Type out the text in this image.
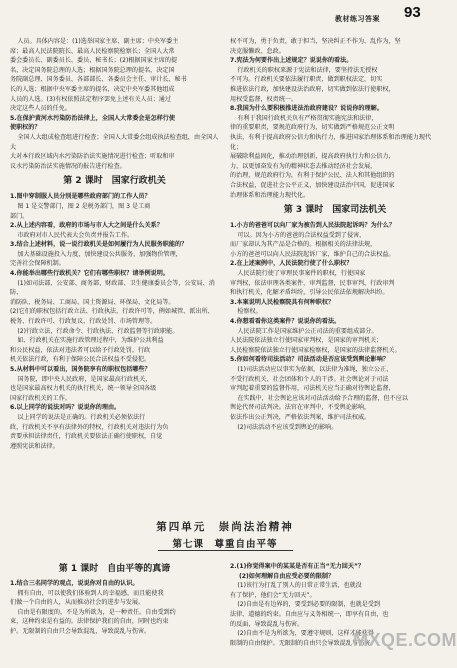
教材练习答案 93

人员。具体内容是：(1)选举国家主席、副主席；中央军委主

席；最高人民法院院长、最高人民检察院检察长；全国人大常

委会委员长、副委员长、委员、秘书长；(2)根据国家主席的提

名，决定国务院总理的人选；根据国务院总理的提名，决定国

务院副总理、国务委员、各部部长、各委员会主任、审计长、秘书

长的人选；根据中央军委主席的提名，决定中央军委其他组成

人员的人选。(3)有权依照法定程序罢免上述有关人员；通过

决定这些人员的任免。

5.在保护黄河水污染防治法律上，全国人大常委会是怎样行使

使职权的？

全国人大组成检查组进行检查；全国人大常委会组成执法检查组，由全国人大

大对本行政区域内水污染防治法实施情况进行检查；听取和审

议水污染防治法实施情况的报告进行检查。

第 2 课时　国家行政机关

1.图中穿制服人员分别是哪些政府部门的工作人员？

图 1 是交警部门，图 2 是税务部门，图 3 是工商

部门。

2.从上述内容看，政府的市场与市人大之间是什么关系？

市政府对市人民代表大会负责并报告工作。

3.结合上述材料，说一说行政机关是如何履行为人民服务职能的？

加大基础设施投入力度，加快建设公共服务，加强物价管理，

完善社会保障机制。

4.你能举出哪些行政机关？它们有哪些职权？请举例说明。

(1)如司法部、公安部、商务部、财政部、卫生健康委员会等，公安局、消防、

消防队、税务局、工商局、国土资源局、环保局、文化局等。

(2)它们的职权包括行政立法、行政执法、行政许可等，例如城管、派出所、

税务、行政许可、行政复议、行政处罚、市场管理等。

(2)行政立法，行政命令、行政执法、行政监督等行政职能。

如、行政机关在实施行政管理过程中，为维护公共利益

和公民权益，依法对违法者可以给予行政处罚。行政

机关依法行政，有利于保障公民合法权益不受侵犯。

5.从材料中可以看出，国务院享有的职权包括哪些？

国务院，即中央人民政府，是国家最高行政机关，

也是国家最高权力机关的执行机关，统一领导全国各级

国家行政机关的工作。

6.以上同学的说法对吗？说说你的理由。

以上同学的说法是正确的。行政机关必须依法行

政，行政机关不享有法律外的特权，行政机关对违法行为负

责要承担法律责任，行政机关要依法正确行使职权，自觉

遵照宪法和法律。

权不可为，勇于负责，敢于担当，坚决纠正不作为、乱作为，坚

决克服懒政、怠政。

7.宪法为何要作出上述规定？说说你的看法。

行政机关的职权来源于宪法和法律，要坚持法无授权

不可为。行政机关要依法履行职责，做到职权法定，切实

推进依法行政，加快建设法治政府，切实做到依法行使职权，

用权受监督，权责统一。

8.我国为什么要积极推进法治政府建设？说说你的理解。

有利于我国行政机关负有严格贯彻实施宪法和法律，

律的重要职责，要规范政府行为，切实做到严格规范公正文明

执法，有利于提高政府公信力和执行力，推进国家治理体系和治理能力现代化；

展破除利益固化，推动治理创新，提高政府执行力和公信力，

力，以更加奋发有为的精神状态去推动经济社会发展，

的治理，规范政府行为，有利于保护公民、法人和其他组织的

合法权益，促进社会公平正义，加快建设法治中国，促进国家

治理体系和治理能力现代化。

第 3 课时　国家司法机关

1.小方的爸爸可以向厂家为被告到人民法院起诉吗？为什么？

可以。因为小方的爸爸的合法权益受到了侵害，

而厂家却认为其产品是合格的。根据相关的法律法规，

小方的爸爸可以向人民法院起诉厂家，维护自己的合法权益。

2.在上述案例中，人民法院行使了什么职权？

人民法院行使了审理民事案件的职权，行使国家

审判权，依法审理各类案件，审判监督，民事审判、行政审判

和执行机关，化解矛盾纠纷，引导公民依法依规解决纠纷。

3.本案说明人民检察院具有何种职权？

检察权。

4.你想看看你这类案件？说说你的看法。

人民法院工作是国家维护公正司法的重要组成部分。

人民法院依法独立行使国家审判权，是国家的审判机关；

人民检察院依法独立行使国家检察权，是国家的法律监督机关。

5.你如何看待司法活动？司法活动是否应该受到舆论影响？

(1)司法活动应以事实为依据，以法律为准绳，独立公正，

不受行政机关、社会团体和个人的干涉。社会舆论对于司法

审判起着重要的监督作用，司法机关应当正确对待舆论监督，

在实践中，社会舆论应该对司法活动给予合理的监督，但不应以

舆论代替司法判决。法官在审判中，不受舆论影响，

依法作出公正判决，严格依法判案，维护司法权威。

(2)司法活动不应该受到舆论的影响。

第四单元　崇尚法治精神
第七课　尊重自由平等
第 1 课时　自由平等的真谛

1.结合三名同学的观点，说说你对自由的认识。

拥有自由，可以使我们体验到人的幸福感，而且能使我

们做一个自由的人，从而推动社会的进步与发展。

自由是有限度的，不是为所欲为，是一种责任。自由受到约

束，这种约束是有益的。法律保护我们的自由，同时也约束

护。无限制的自由只会导致混乱，导致混乱与伤害。

2.(1)你觉得案中的某某是否有正当“无力回天”？

(2)如何理解自由应受必要的限制？

(1)该行为打乱了别人的日常正常生活，也就没

有了保护，他们会“无力回天”。

(2)自由是有边界的，要受到必要的限制，也就是受到

法律、道德的约束。自由应与义务相统一，即享有自由，也

的反面，导致混乱与伤害。

(2)自由不是为所欲为，要遵守规则，这样才能获得

限制的自由保护。无限制的自由只会导致混乱与伤害。

MXQE.COM
